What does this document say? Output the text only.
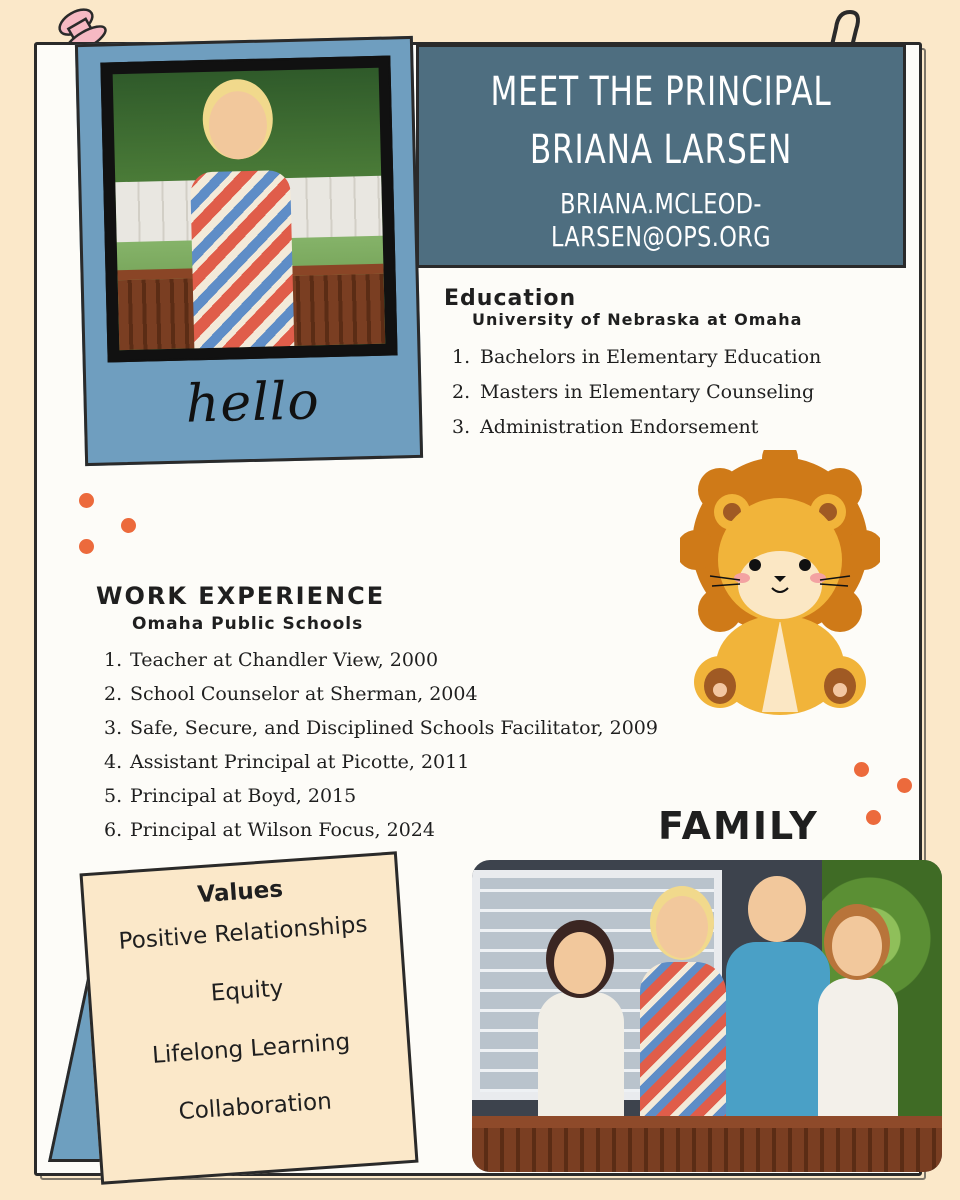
hello
MEET THE PRINCIPAL
BRIANA LARSEN
BRIANA.MCLEOD-LARSEN@OPS.ORG
Education
University of Nebraska at Omaha
1. Bachelors in Elementary Education
2. Masters in Elementary Counseling
3. Administration Endorsement
WORK EXPERIENCE
Omaha Public Schools
1. Teacher at Chandler View, 2000
2. School Counselor at Sherman, 2004
3. Safe, Secure, and Disciplined Schools Facilitator, 2009
4. Assistant Principal at Picotte, 2011
5. Principal at Boyd, 2015
6. Principal at Wilson Focus, 2024	FAMILY
Values
Positive Relationships
Equity
Lifelong Learning
Collaboration
